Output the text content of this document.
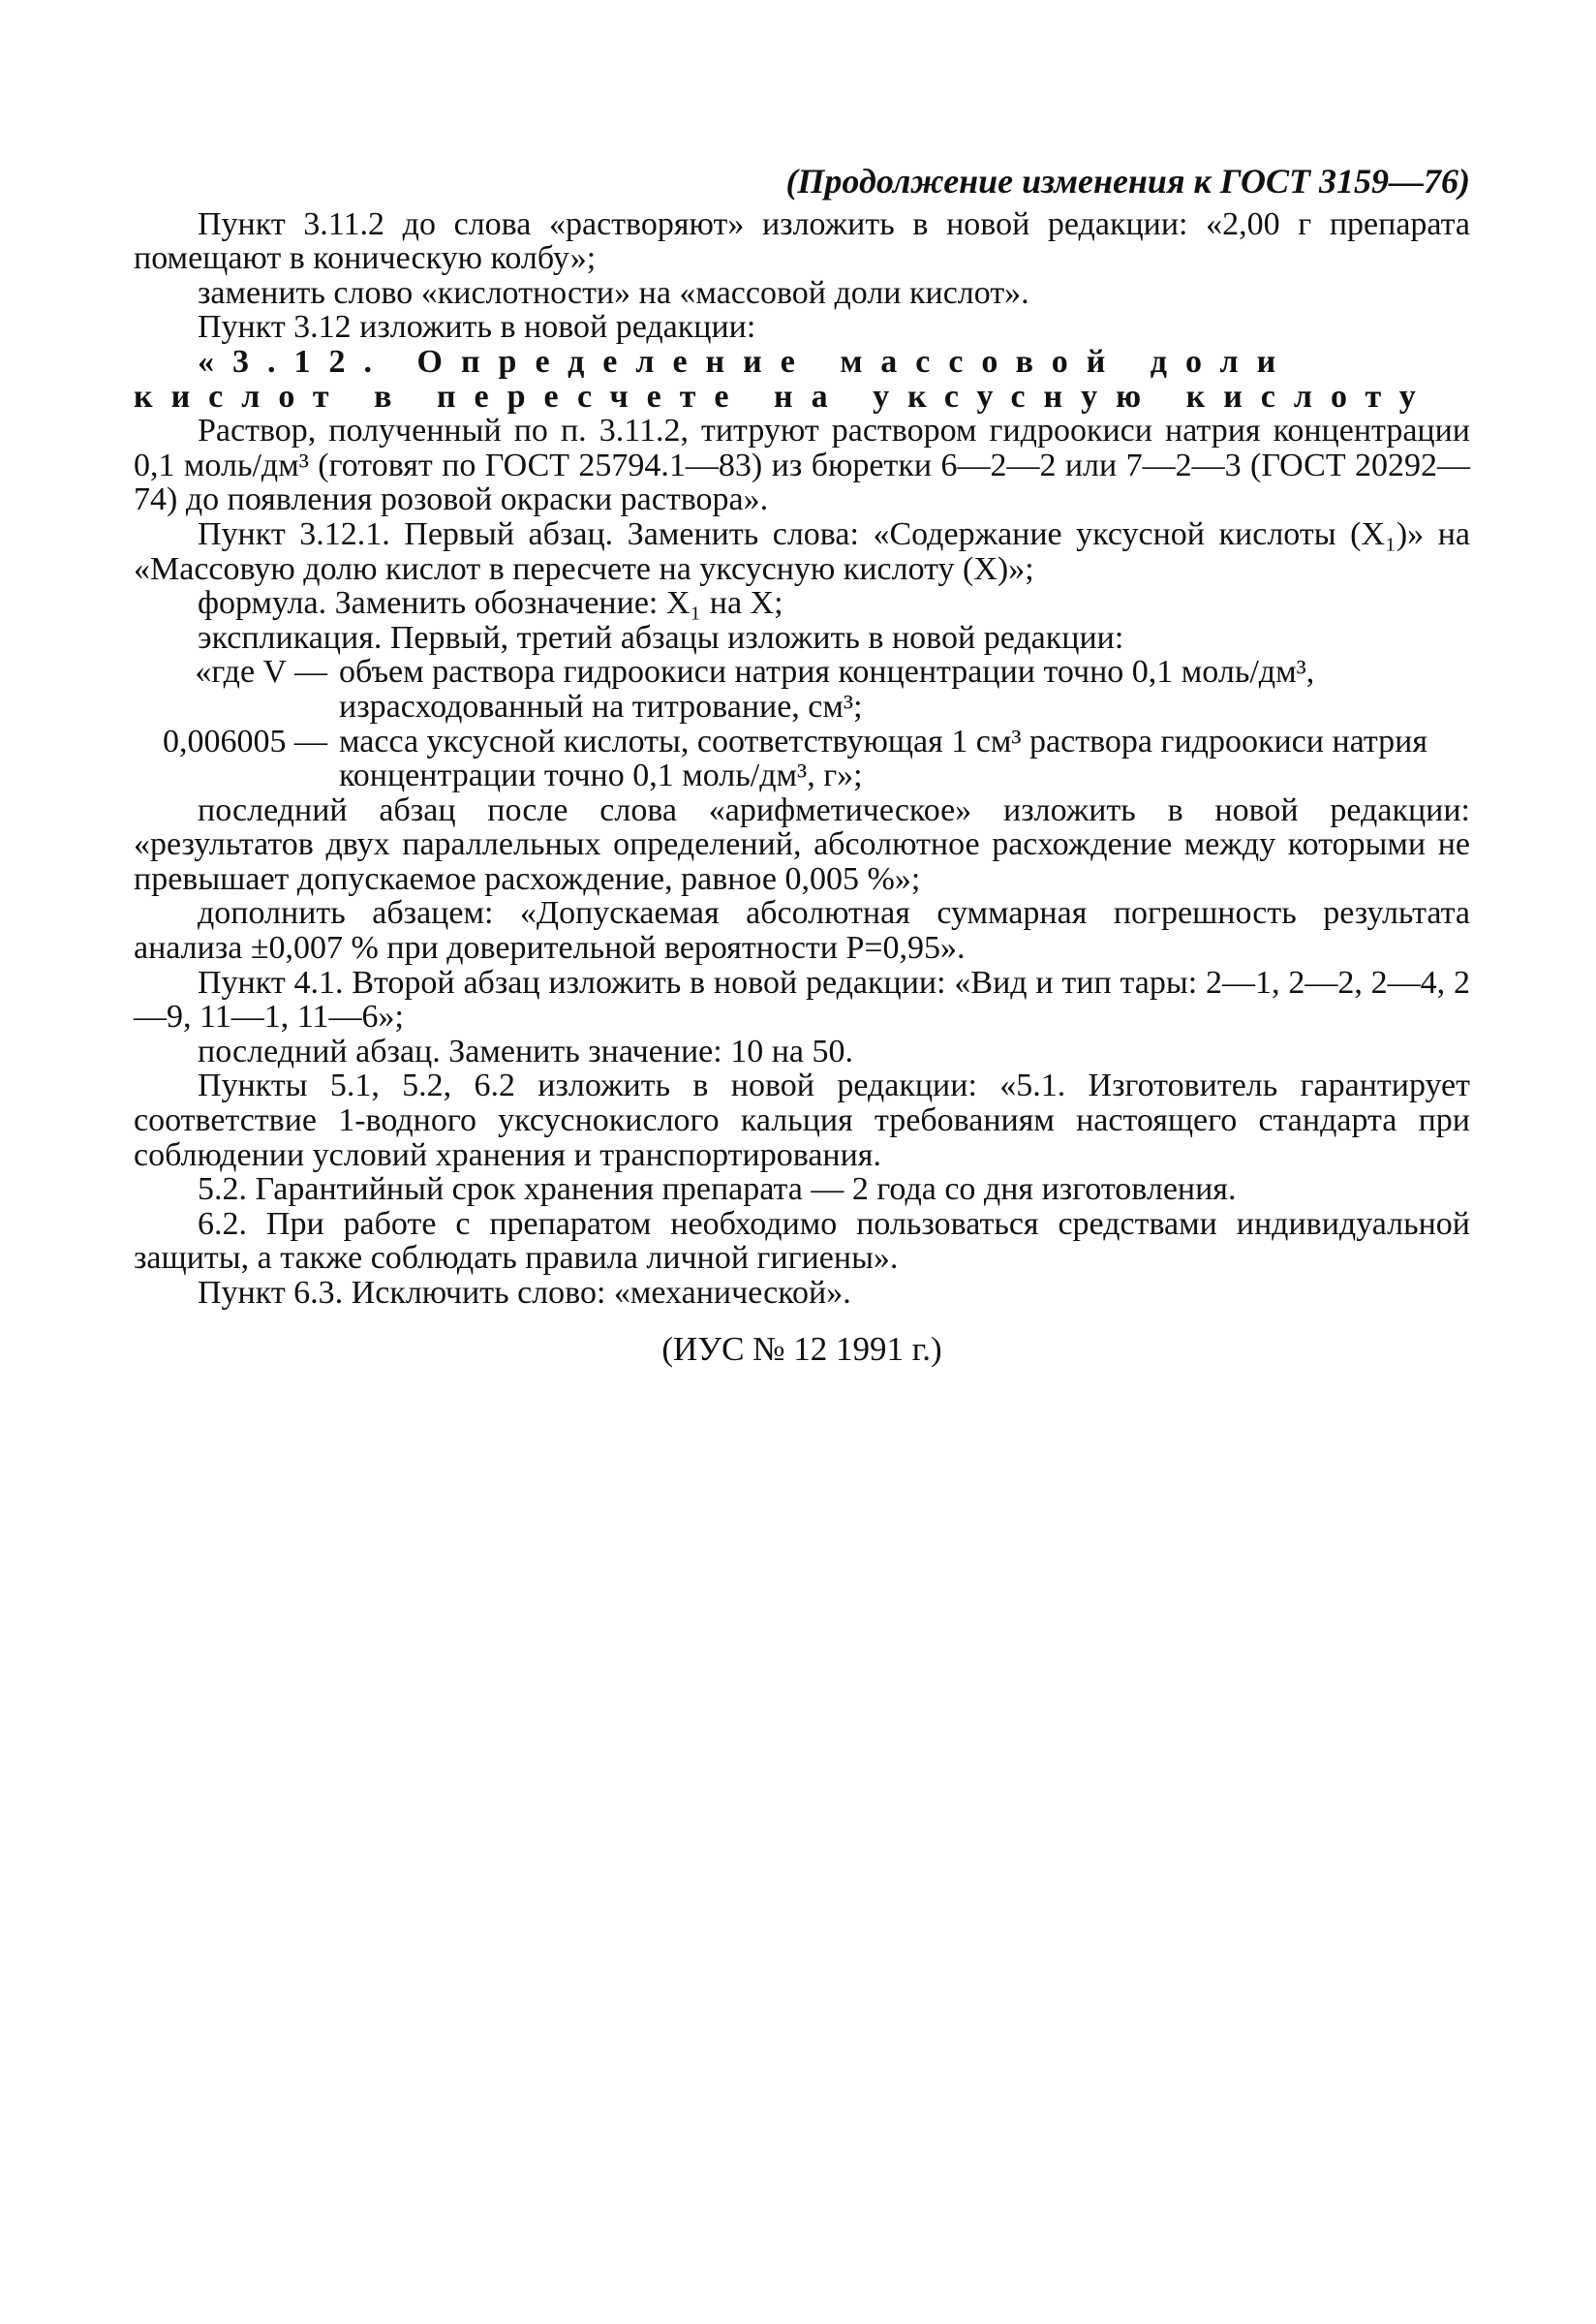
(Продолжение изменения к ГОСТ 3159—76)

Пункт 3.11.2 до слова «растворяют» изложить в новой редакции: «2,00 г препарата помещают в коническую колбу»;

заменить слово «кислотности» на «массовой доли кислот».

Пункт 3.12 изложить в новой редакции:

«3.12. Определение массовой доли кислот в пересчете на уксусную кислоту

Раствор, полученный по п. 3.11.2, титруют раствором гидроокиси натрия концентрации 0,1 моль/дм³ (готовят по ГОСТ 25794.1—83) из бюретки 6—2—2 или 7—2—3 (ГОСТ 20292—74) до появления розовой окраски раствора».

Пункт 3.12.1. Первый абзац. Заменить слова: «Содержание уксусной кислоты (X₁)» на «Массовую долю кислот в пересчете на уксусную кислоту (X)»;

формула. Заменить обозначение: X₁ на X;

экспликация. Первый, третий абзацы изложить в новой редакции:

«где V — объем раствора гидроокиси натрия концентрации точно 0,1 моль/дм³, израсходованный на титрование, см³;
0,006005 — масса уксусной кислоты, соответствующая 1 см³ раствора гидроокиси натрия концентрации точно 0,1 моль/дм³, г»;

последний абзац после слова «арифметическое» изложить в новой редакции: «результатов двух параллельных определений, абсолютное расхождение между которыми не превышает допускаемое расхождение, равное 0,005 %»;

дополнить абзацем: «Допускаемая абсолютная суммарная погрешность результата анализа ±0,007 % при доверительной вероятности P=0,95».

Пункт 4.1. Второй абзац изложить в новой редакции: «Вид и тип тары: 2—1, 2—2, 2—4, 2—9, 11—1, 11—6»;

последний абзац. Заменить значение: 10 на 50.

Пункты 5.1, 5.2, 6.2 изложить в новой редакции: «5.1. Изготовитель гарантирует соответствие 1-водного уксуснокислого кальция требованиям настоящего стандарта при соблюдении условий хранения и транспортирования.

5.2. Гарантийный срок хранения препарата — 2 года со дня изготовления.

6.2. При работе с препаратом необходимо пользоваться средствами индивидуальной защиты, а также соблюдать правила личной гигиены».

Пункт 6.3. Исключить слово: «механической».

(ИУС № 12 1991 г.)
